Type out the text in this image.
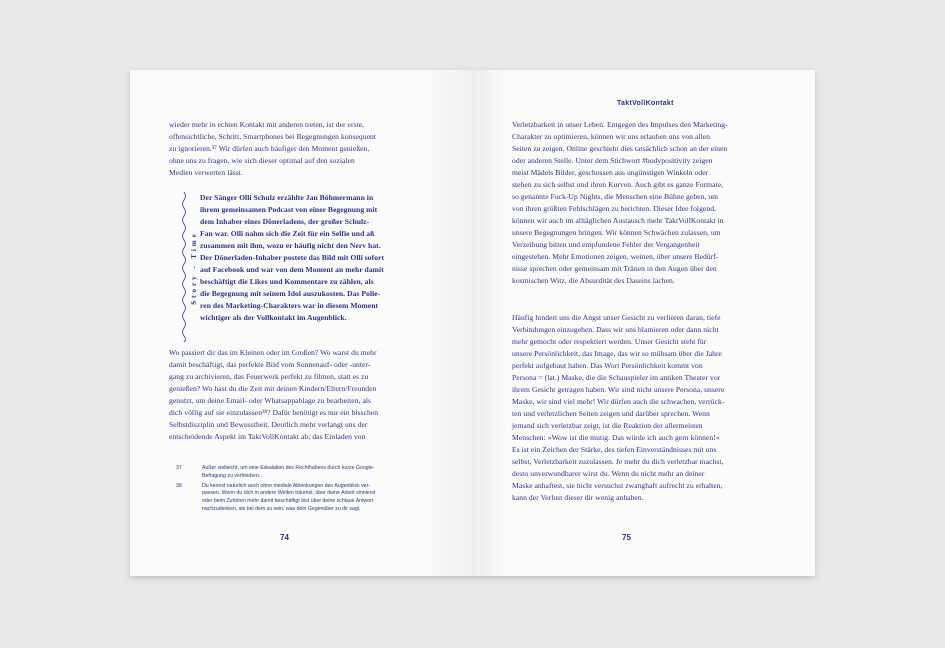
wieder mehr in echten Kontakt mit anderen treten, ist der erste,

offensichtliche, Schritt, Smartphones bei Begegnungen konsequent

zu ignorieren.³⁷ Wir dürfen auch häufiger den Moment genießen,

ohne uns zu fragen, wie sich dieser optimal auf den sozialen

Medien verwerten lässt.

Story - Time

Der Sänger Olli Schulz erzählte Jan Böhmermann in

ihrem gemeinsamen Podcast von einer Begegnung mit

dem Inhaber eines Dönerladens, der großer Schulz-

Fan war. Olli nahm sich die Zeit für ein Selfie und aß

zusammen mit ihm, wozu er häufig nicht den Nerv hat.

Der Dönerladen-Inhaber postete das Bild mit Olli sofort

auf Facebook und war von dem Moment an mehr damit

beschäftigt die Likes und Kommentare zu zählen, als

die Begegnung mit seinem Idol auszukosten. Das Polie-

ren des Marketing-Charakters war in diesem Moment

wichtiger als der Vollkontakt im Augenblick.

Wo passiert dir das im Kleinen oder im Großen? Wo warst du mehr

damit beschäftigt, das perfekte Bild vom Sonnenauf- oder -unter-

gang zu archivieren, das Feuerwerk perfekt zu filmen, statt es zu

genießen? Wo hast du die Zeit mit deinen Kindern/Eltern/Freunden

genutzt, um deine Email- oder Whatsappablage zu bearbeiten, als

dich völlig auf sie einzulassen³⁸? Dafür benötigt es nur ein bisschen

Selbstdisziplin und Bewusstheit. Deutlich mehr verlangt uns der

entscheidende Aspekt im TaktVollKontakt ab; das Einladen von

37	Außer vielleicht, um eine Eskalation des Rechthabens durch kurze Google-
Befragung zu verhindern.
38	Du kennst natürlich auch ohne mediale Ablenkungen den Augenblick ver-
passen. Wenn du dich in andere Welten träumst, über deine Arbeit sinnierst
oder beim Zuhören mehr damit beschäftigt bist über deine schlaue Antwort
nachzudenken, als bei dem zu sein, was dein Gegenüber zu dir sagt.
74
TaktVollKontakt

Verletzbarkeit in unser Leben. Entgegen des Impulses den Marketing-

Charakter zu optimieren, können wir uns erlauben uns von allen

Seiten zu zeigen. Online geschieht dies tatsächlich schon an der einen

oder anderen Stelle. Unter dem Stichwort #bodypositivity zeigen

meist Mädels Bilder, geschossen aus ungünstigen Winkeln oder

stehen zu sich selbst und ihren Kurven. Auch gibt es ganze Formate,

so genannte Fuck-Up Nights, die Menschen eine Bühne geben, um

von ihren größten Fehlschlägen zu berichten. Dieser Idee folgend,

können wir auch im alltäglichen Austausch mehr TaktVollKontakt in

unsere Begegnungen bringen. Wir können Schwächen zulassen, um

Verzeihung bitten und empfundene Fehler der Vergangenheit

eingestehen. Mehr Emotionen zeigen, weinen, über unsere Bedürf-

nisse sprechen oder gemeinsam mit Tränen in den Augen über den

kosmischen Witz, die Absurdität des Daseins lachen.

Häufig hindert uns die Angst unser Gesicht zu verlieren daran, tiefe

Verbindungen einzugehen. Dass wir uns blamieren oder dann nicht

mehr gemocht oder respektiert werden. Unser Gesicht steht für

unsere Persönlichkeit, das Image, das wir so mühsam über die Jahre

perfekt aufgebaut haben. Das Wort Persönlichkeit kommt von

Persona = (lat.) Maske, die die Schauspieler im antiken Theater vor

ihrem Gesicht getragen haben. Wir sind nicht unsere Persona, unsere

Maske, wir sind viel mehr! Wir dürfen auch die schwachen, verrück-

ten und verletzlichen Seiten zeigen und darüber sprechen. Wenn

jemand sich verletzbar zeigt, ist die Reaktion der allermeisten

Menschen: »Wow ist die mutig. Das würde ich auch gern können!«

Es ist ein Zeichen der Stärke, des tiefen Einverständnisses mit uns

selbst, Verletzbarkeit zuzulassen. Je mehr du dich verletzbar machst,

desto unverwundbarer wirst du. Wenn du nicht mehr an deiner

Maske anhaftest, sie nicht versuchst zwanghaft aufrecht zu erhalten,

kann der Verlust dieser dir wenig anhaben.

75
